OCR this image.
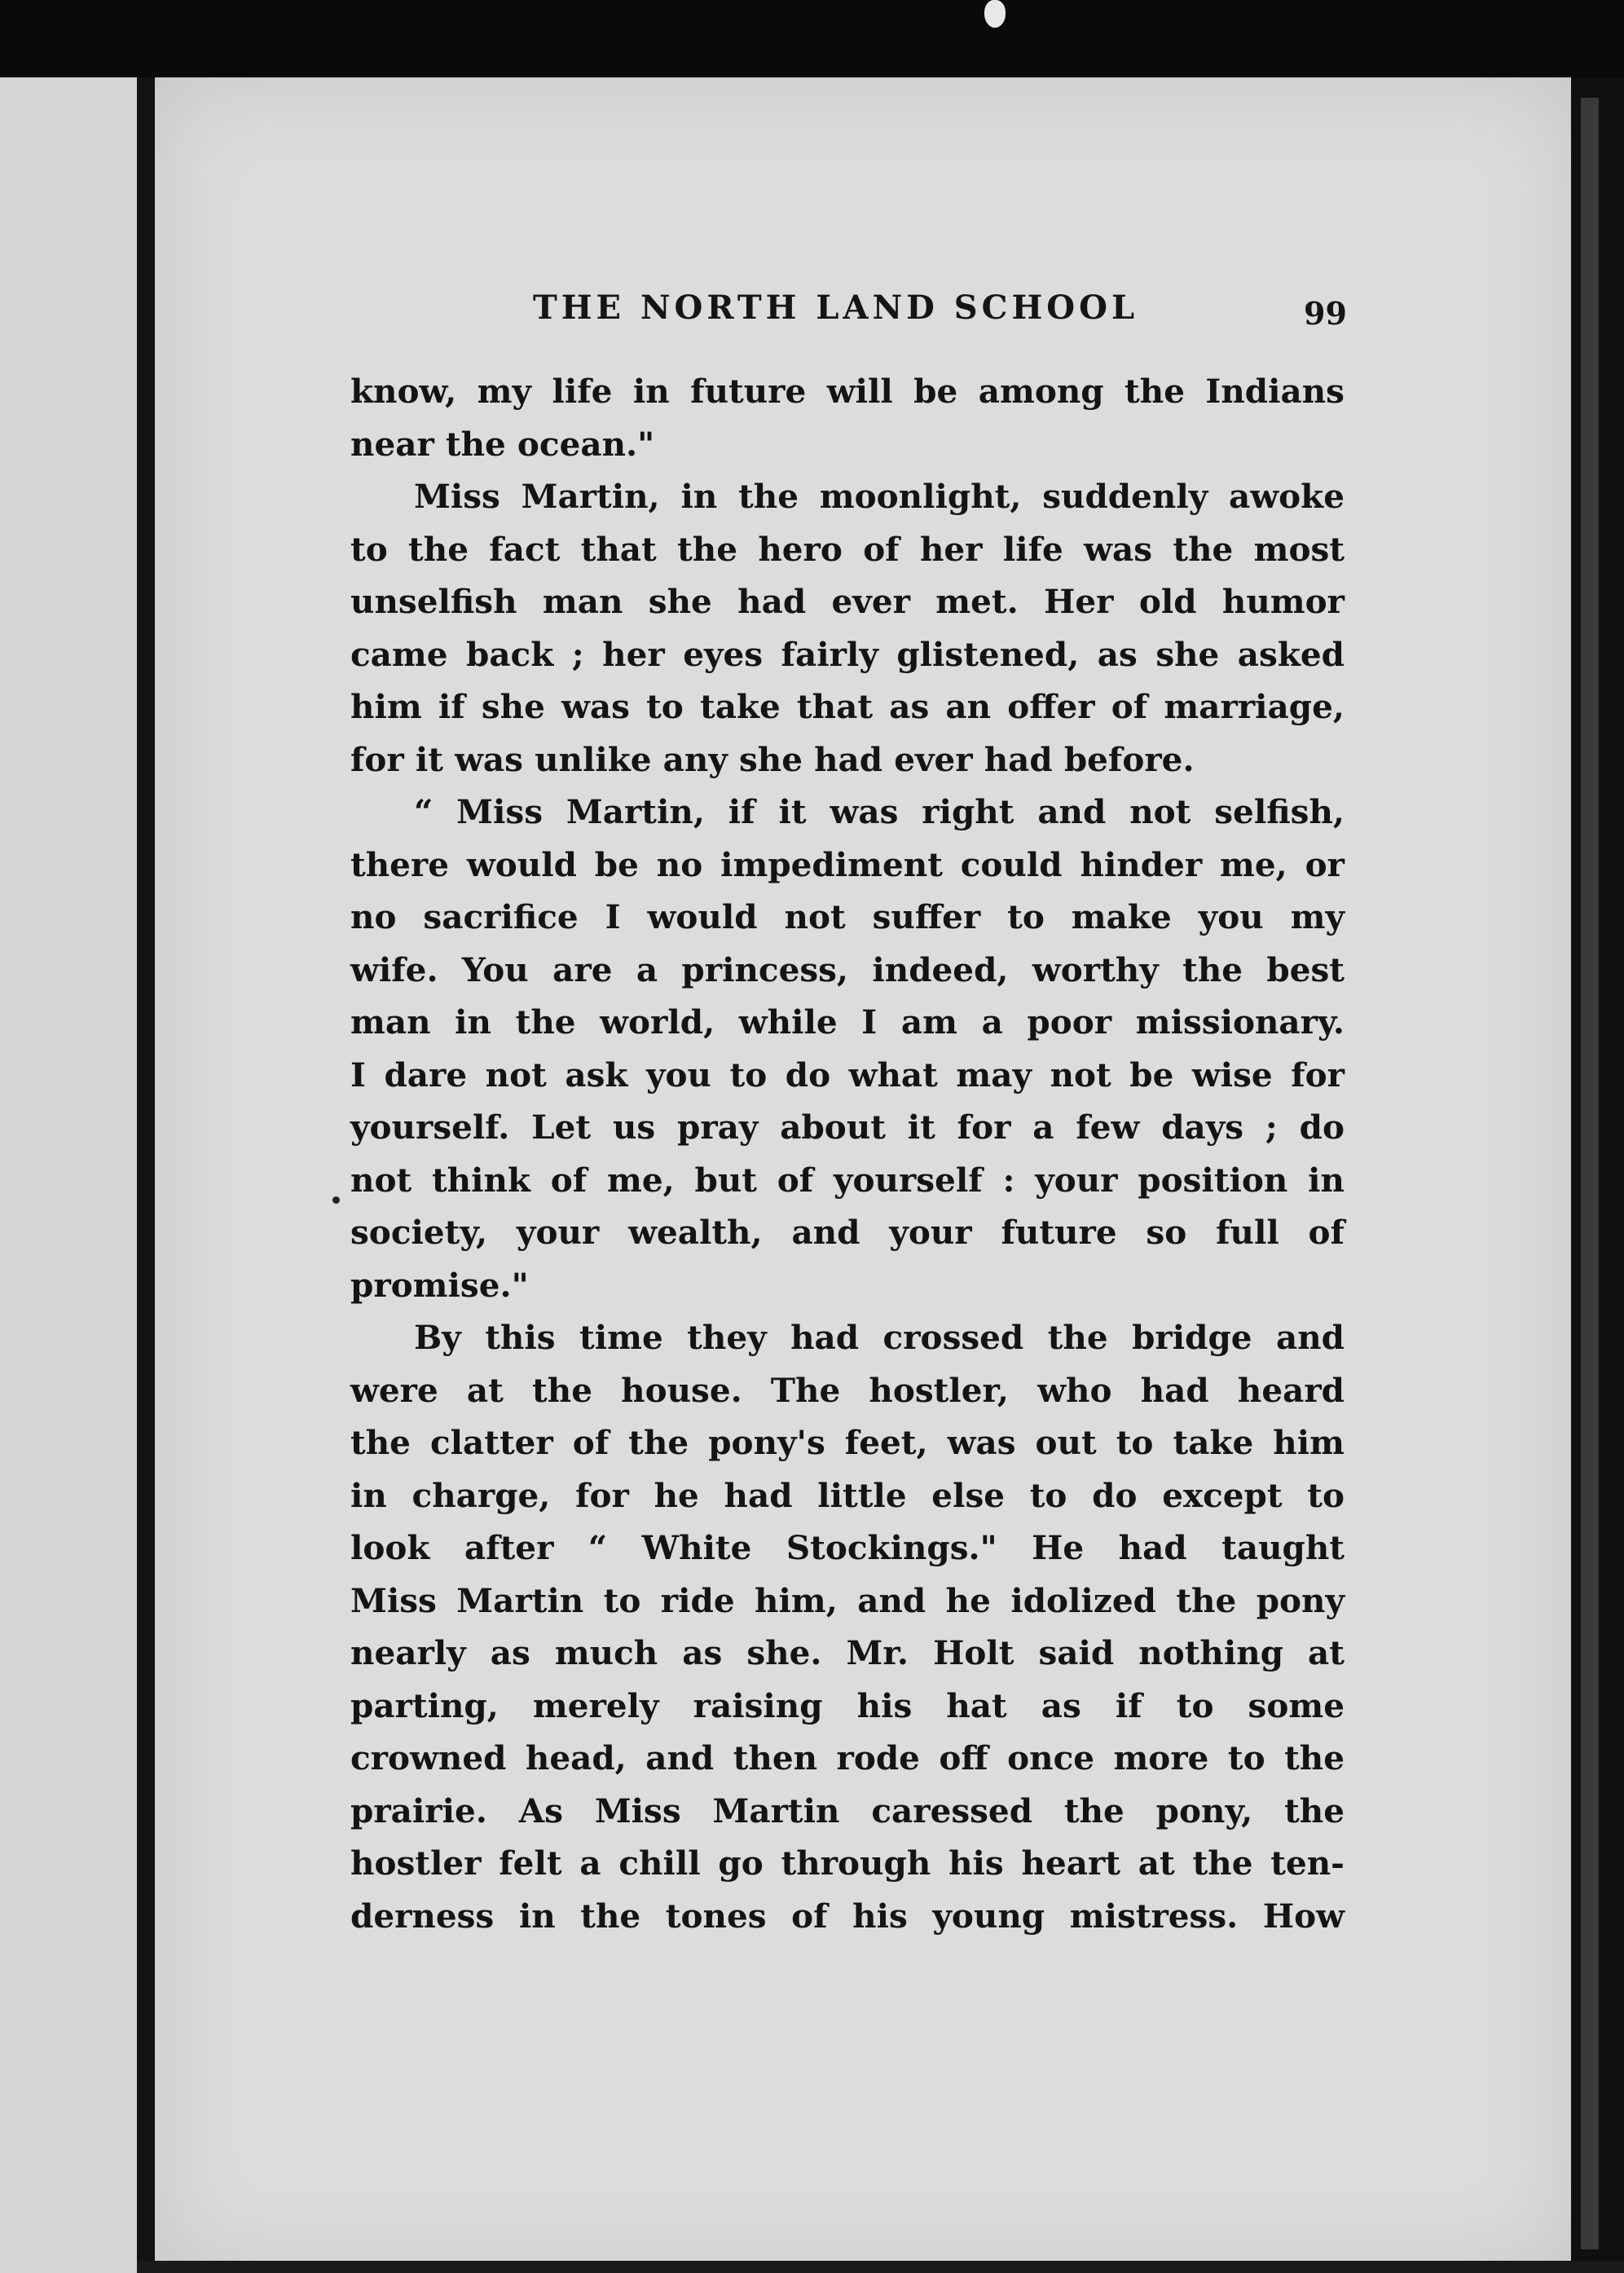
THE NORTH LAND SCHOOL	99
know, my life in future will be among the Indians
near the ocean."
Miss Martin, in the moonlight, suddenly awoke
to the fact that the hero of her life was the most
unselfish man she had ever met. Her old humor
came back ; her eyes fairly glistened, as she asked
him if she was to take that as an offer of marriage,
for it was unlike any she had ever had before.
“ Miss Martin, if it was right and not selfish,
there would be no impediment could hinder me, or
no sacrifice I would not suffer to make you my
wife. You are a princess, indeed, worthy the best
man in the world, while I am a poor missionary.
I dare not ask you to do what may not be wise for
yourself. Let us pray about it for a few days ; do
not think of me, but of yourself : your position in
society, your wealth, and your future so full of
promise."
By this time they had crossed the bridge and
were at the house. The hostler, who had heard
the clatter of the pony's feet, was out to take him
in charge, for he had little else to do except to
look after “ White Stockings." He had taught
Miss Martin to ride him, and he idolized the pony
nearly as much as she. Mr. Holt said nothing at
parting, merely raising his hat as if to some
crowned head, and then rode off once more to the
prairie. As Miss Martin caressed the pony, the
hostler felt a chill go through his heart at the ten-
derness in the tones of his young mistress. How
